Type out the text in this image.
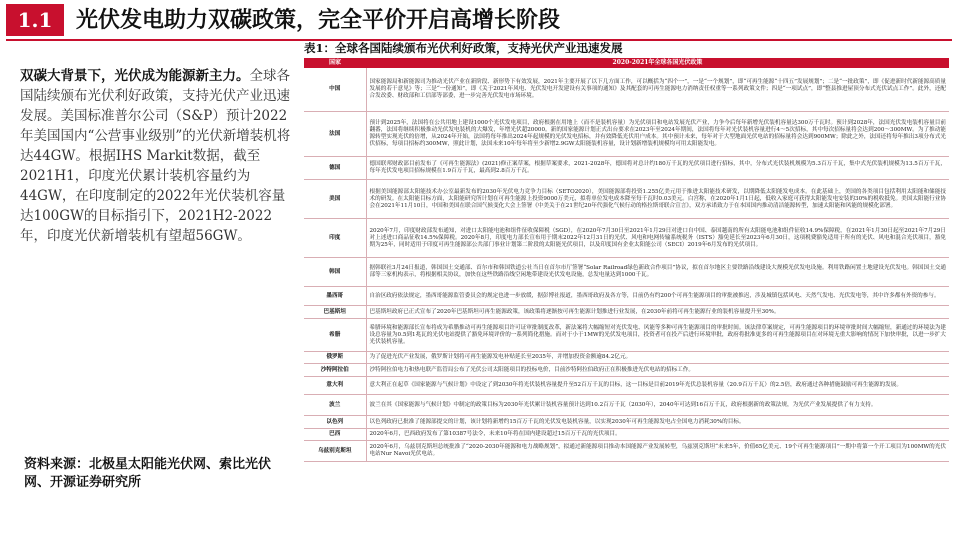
1.1	光伏发电助力双碳政策，完全平价开启高增长阶段
双碳大背景下，光伏成为能源新主力。全球各国陆续颁布光伏利好政策，支持光伏产业迅速发展。美国标准普尔公司（S&P）预计2022年美国国内“公营事业级别”的光伏新增装机将达44GW。根据IHS Markit数据，截至2021H1，印度光伏累计装机容量约为44GW，在印度制定的2022年光伏装机容量达100GW的目标指引下，2021H2-2022年，印度光伏新增装机有望超56GW。
资料来源：北极星太阳能光伏网、索比光伏网、开源证券研究所
表1：全球各国陆续颁布光伏利好政策，支持光伏产业迅速发展
国家	2020-2021年全球各国光伏政策
中国	国家能源局和新能源司为推动光伏产业在新阶段、新形势下有效发展，2021年主要开展了以下几方面工作，可以概括为“四个一”，一是“一个规划”，即“可再生能源“十四五”发展规划”；二是“一批政策”，即《促进新时代新能源高质量发展的若干意见》等；三是“一份通知”，即《关于2021年风电、光伏发电开发建设有关事项的通知》及其配套的可再生能源电力消纳责任权重等一系列政策文件；四是“一项试点”，即“整县推进屋顶分布式光伏试点工作”。此外，还配合发改委、财政部和工信部等部委，进一步完善光伏发电市场环境。
法国	预计到2025年，法国将在公共用地上建设1000个光伏发电项目，政府根据在用地上（而不是装机容量）为光伏项目和电站发展光伏产业，力争今后每年新增光伏装机容量达300万千瓦时。预计到2028年，法国光伏发电装机容量目前翻番，法国将继续积极推动光伏发电装机的大爆发，年增光伏超20000。新的国家能源计划正式出台要求在2023年至2024年期间，法国将每年对光伏装机容量进行4～5次招标，其中每次招标量将会达到200～300MW。为了推动能源转型实现光伏的倍增，从2024年开始，法国将每年推出2024年起规模的光伏发电招标，并有效降低光伏用户成本。其中预计未来，每年对于大型地面光伏电站的招标量将会达到900MW；除此之外，法国还将每年推出3项分布式光伏招标，每项目招标约300MW，照此计划，法国未来10年每年将至少新增2.9GW太阳能装机容量，设计划新增装机规模均可用太阳能发电。
德国	德国联邦财政部目前发布了《可再生能源法》(2021)修正案草案，根据草案要求，2021-2028年，德国将对总计约180万千瓦的光伏项目进行招标，其中，分布式光伏装机规模为5.3百万千瓦，集中式光伏装机规模为13.5百万千瓦，每年光伏发电项目招标规模在1.9百万千瓦，最高到2.8百万千瓦。
美国	根据美国能源部太阳能技术办公室最新发布的2030年光伏电力竞争力目标（SETO2020），美国能源部将投资1.255亿美元用于推进太阳能技术研发，以期降低太阳能发电成本。在此基础上，美国的各类项目包括利用太阳能和储能技术的研发。在太阳能目标方面，太阳能研究所计划在可再生能源上投资9000万美元，拟将单位发电成本降至每千瓦时0.03美元。白宫称，在2020年1月1日起，低收入家庭可获得太阳能发电安装的30%的税收抵免。美国太阳能行业协会在2021年11月10日，中国和美国在联合国气候变化大会上签署《中美关于在21世纪20年代强化气候行动的格拉斯哥联合宣言》，双方承诺致力于在本国国内推动清洁能源转型，加速太阳能和风能的规模化部署。
印度	2020年7月，印度财政部发布通知，对进口太阳能电池和组件征收保障税（SGD），在2020年7月30日至2021年1月29日对进口自中国、泰国越南的所有太阳能电池和组件征收14.9%保障税，在2021年1月30日起至2021年7月29日对上述进口商品征收14.5%保障税。2020年8月，印度电力部长宣布用于期末2022年12月31日的光伏、风电和电网传输系统税务（ISTS）豁免延长至2023年6月30日，这项税费豁免适用于所有的光伏、风电和混合光伏项目，豁免期为25年，同时适用于印度可再生能源部公共部门事业计划第二阶段的太阳能光伏项目，以及印度国有企业太阳能公司（SECI）2019年6月发布的光伏项目。
韩国	据韩联社3月24日报道，韩国国土交通部、首尔市和韩国铁道公社当日在首尔市厅签署“Solar Railroad绿色新政合作项目”协议，拟在首尔地区主要铁路沿线建设大规模光伏发电设施。利用铁路闲置土地建设光伏发电。韩国国土交通部等三家机构表示，将根据相关协议，加快在这些铁路沿线空闲地带建设光伏发电设施，总发电量达到1000千瓦。
墨西哥	自治区政府依法规定，墨西哥能源监管委员会的规定也进一步放缓，据彭博社报道，墨西哥政府及各方等，目前仍有约200个可再生能源项目的审批被推迟，涉及城镇包括风电、天然气发电、光伏发电等，其中许多都有外资的参与。
巴基斯坦	巴基斯坦政府已正式宣布了2020年巴基斯坦可再生能源政策，该政策将逐渐按可再生能源计划推进行业发展，在2030年前将可再生能源行业的装机容量提升至30%。
希腊	希腊环境和能源部长宣布将成为希腊推动可再生能源项目许可证审批制度改革，新法案将大幅缩短对光伏发电、风能等多种可再生能源项目的审批时间。该法律草案规定，可再生能源项目的环境审批时间大幅缩短，新通过的环境法为建设总容量为0.5到1兆瓦的光伏电站提供了豁免环境评价的一系列简化措施。而对于小于1MW的光伏发电项目，投资者可在投产后进行环境审批，政府将批准更多的可再生能源项目在对环境无重大影响的情况下加快审批，以进一步扩大光伏装机容量。
俄罗斯	为了促进光伏产业发展，俄罗斯计划将可再生能源发电补贴延长至2035年，并增加投资金额逾84.2亿元。
沙特阿拉伯	沙特阿拉伯电力和热电联产监管局公布了光伏公司太阳能项目的投标电价，目前沙特阿拉伯政府正在积极推进光伏电站的招标工作。
意大利	意大利正在起草《国家能源与气候计划》中设定了到2030年将光伏装机容量提升至52百万千瓦的目标，这一目标是目前2019年光伏总装机容量（20.9百万千瓦）的2.5倍，政府通过各种措施鼓励可再生能源的发展。
波兰	波兰在其《国家能源与气候计划》中制定的政策目标为2030年光伏累计装机容量预计达到10.2百万千瓦（2030年），2040年可达到16百万千瓦，政府根据新的政策法规，为光伏产业发展提供了有力支持。
以色列	以色列政府已批准了能源部提交的计划，该计划将新增约15百万千瓦的光伏发电装机容量，以实现2030年可再生能源发电占全国电力消耗30%的目标。
巴西	2020年6月，巴西政府发布了第10387号法令，未来10年将在国内建设超过15百万千瓦的光伏项目。
乌兹别克斯坦	2020年6月，乌兹别克斯坦总统批准了“2020-2030年能源和电力战略规划”，拟通过新能源项目推动本国能源产业发展转型，乌兹别克斯坦“未来5年，价值65亿美元、19个可再生能源项目”一期中将第一个开工项目为100MW的光伏电站Nur Navoi光伏电站。
